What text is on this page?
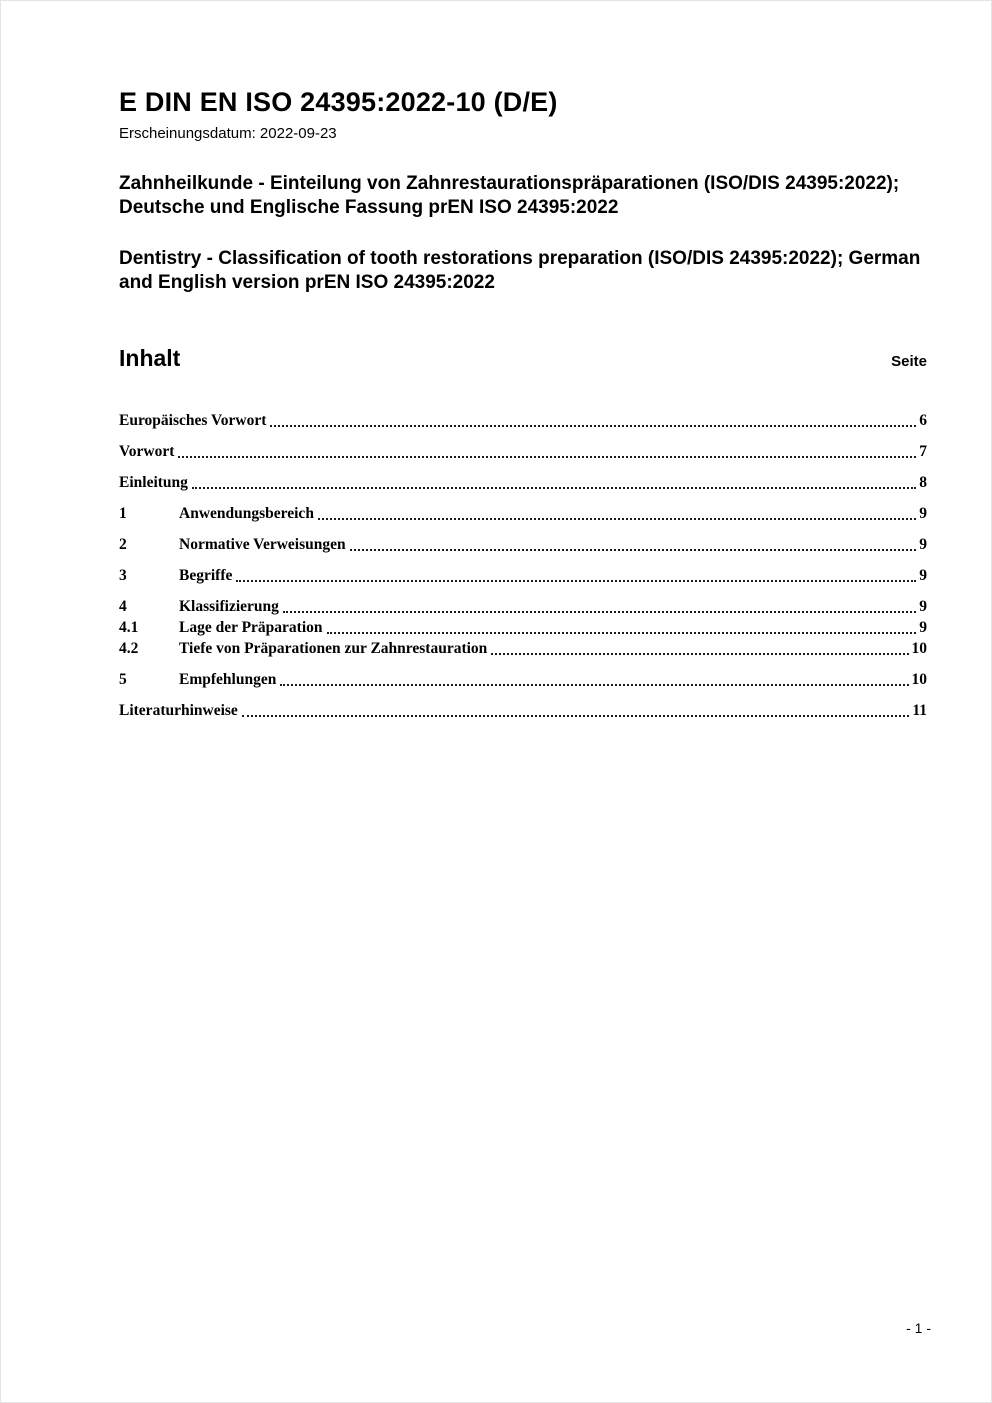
E DIN EN ISO 24395:2022-10 (D/E)
Erscheinungsdatum: 2022-09-23
Zahnheilkunde - Einteilung von Zahnrestaurationspräparationen (ISO/DIS 24395:2022); Deutsche und Englische Fassung prEN ISO 24395:2022
Dentistry - Classification of tooth restorations preparation (ISO/DIS 24395:2022); German and English version prEN ISO 24395:2022
Inhalt	Seite
Europäisches Vorwort	6
Vorwort	7
Einleitung	8
1	Anwendungsbereich	9
2	Normative Verweisungen	9
3	Begriffe	9
4	Klassifizierung	9
4.1	Lage der Präparation	9
4.2	Tiefe von Präparationen zur Zahnrestauration	10
5	Empfehlungen	10
Literaturhinweise	11
- 1 -
